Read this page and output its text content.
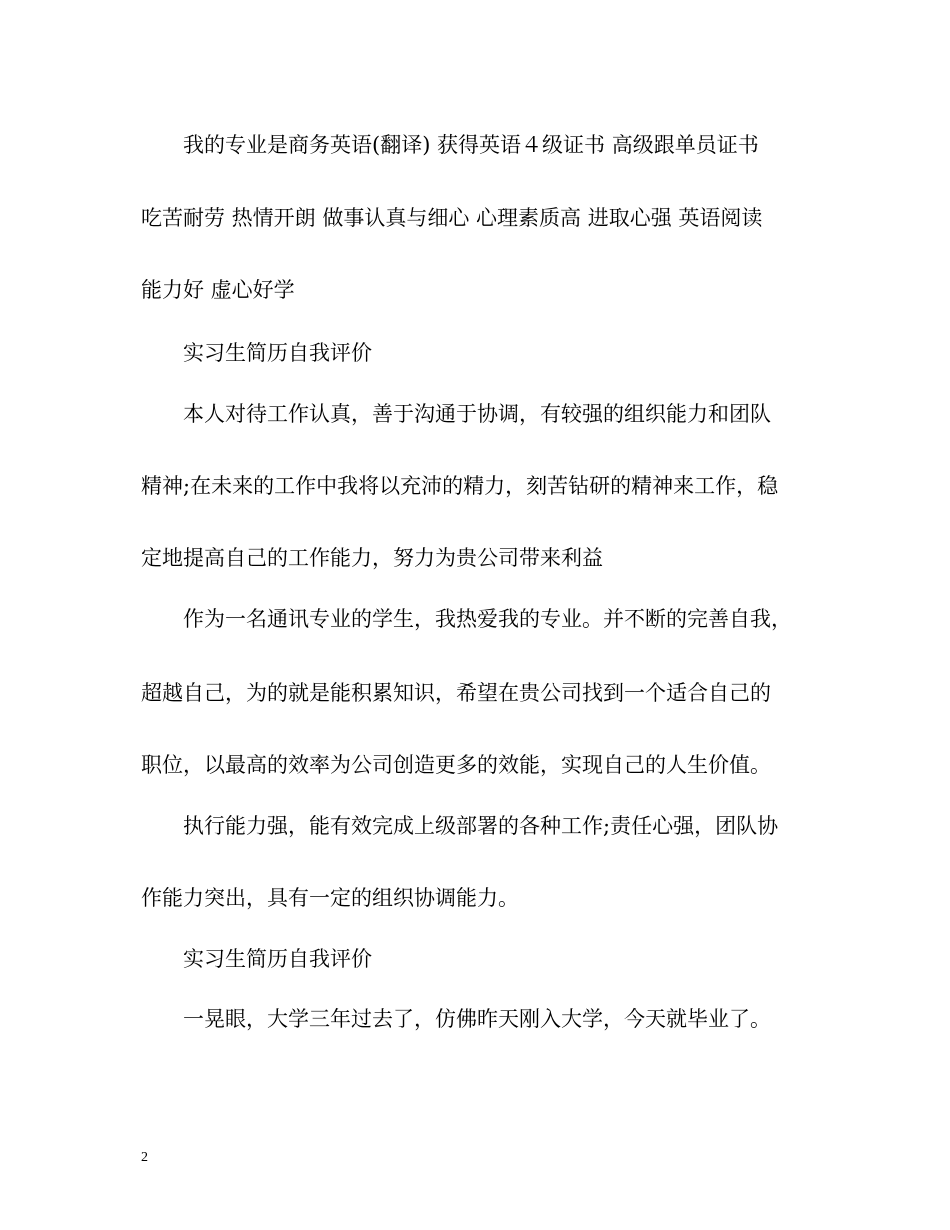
我的专业是商务英语(翻译) 获得英语４级证书 高级跟单员证书
吃苦耐劳 热情开朗 做事认真与细心 心理素质高 进取心强 英语阅读
能力好 虚心好学
实习生简历自我评价
本人对待工作认真，善于沟通于协调，有较强的组织能力和团队
精神;在未来的工作中我将以充沛的精力，刻苦钻研的精神来工作，稳
定地提高自己的工作能力，努力为贵公司带来利益
作为一名通讯专业的学生，我热爱我的专业。并不断的完善自我，
超越自己，为的就是能积累知识，希望在贵公司找到一个适合自己的
职位，以最高的效率为公司创造更多的效能，实现自己的人生价值。
执行能力强，能有效完成上级部署的各种工作;责任心强，团队协
作能力突出，具有一定的组织协调能力。
实习生简历自我评价
一晃眼，大学三年过去了，仿佛昨天刚入大学，今天就毕业了。
2
